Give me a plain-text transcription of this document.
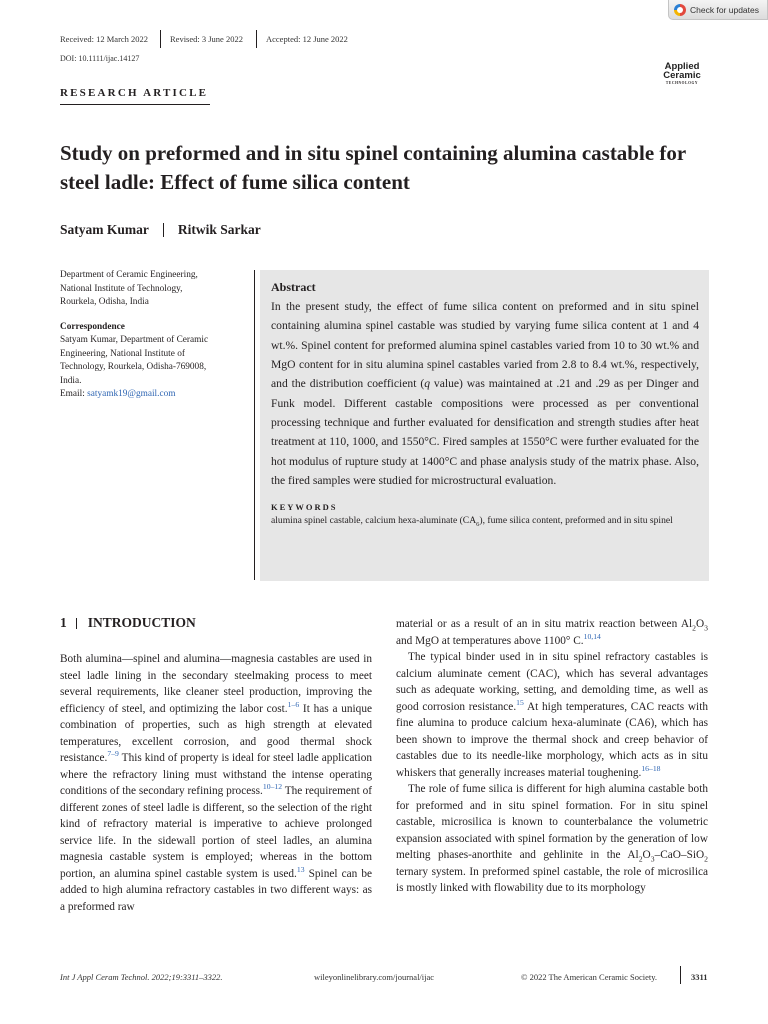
Check for updates
Received: 12 March 2022	Revised: 3 June 2022	Accepted: 12 June 2022
DOI: 10.1111/ijac.14127
RESEARCH ARTICLE
Applied
Ceramic
TECHNOLOGY
Study on preformed and in situ spinel containing alumina castable for steel ladle: Effect of fume silica content
Satyam Kumar Ritwik Sarkar
Department of Ceramic Engineering,
National Institute of Technology,
Rourkela, Odisha, India
Correspondence
Satyam Kumar, Department of Ceramic
Engineering, National Institute of
Technology, Rourkela, Odisha-769008,
India.
Email: satyamk19@gmail.com
Abstract

In the present study, the effect of fume silica content on preformed and in situ spinel containing alumina spinel castable was studied by varying fume silica content at 1 and 4 wt.%. Spinel content for preformed alumina spinel castables varied from 10 to 30 wt.% and MgO content for in situ alumina spinel castables varied from 2.8 to 8.4 wt.%, respectively, and the distribution coefficient (q value) was maintained at .21 and .29 as per Dinger and Funk model. Different castable compositions were processed as per conventional processing technique and further evaluated for densification and strength studies after heat treatment at 110, 1000, and 1550°C. Fired samples at 1550°C were further evaluated for the hot modulus of rupture study at 1400°C and phase analysis study of the matrix phase. Also, the fired samples were studied for microstructural evaluation.

KEYWORDS
alumina spinel castable, calcium hexa-aluminate $(CA_6)$, fume silica content, preformed and in situ spinel
1 INTRODUCTION

Both alumina—spinel and alumina—magnesia castables are used in steel ladle lining in the secondary steelmaking process to meet several requirements, like cleaner steel production, improving the efficiency of steel, and optimizing the labor cost.$^{1-6}$ It has a unique combination of properties, such as high strength at elevated temperatures, excellent corrosion, and good thermal shock resistance.$^{7-9}$ This kind of property is ideal for steel ladle application where the refractory lining must withstand the intense operating conditions of the secondary refining process.$^{10-12}$ The requirement of different zones of steel ladle is different, so the selection of the right kind of refractory material is imperative to achieve prolonged service life. In the sidewall portion of steel ladles, an alumina magnesia castable system is employed; whereas in the bottom portion, an alumina spinel castable system is used.$^{13}$ Spinel can be added to high alumina refractory castables in two different ways: as a preformed raw

material or as a result of an in situ matrix reaction between $Al_2O_3$ and MgO at temperatures above 1100° C.$^{10,14}$

The typical binder used in in situ spinel refractory castables is calcium aluminate cement (CAC), which has several advantages such as adequate working, setting, and demolding time, as well as good corrosion resistance.$^{15}$ At high temperatures, CAC reacts with fine alumina to produce calcium hexa-aluminate (CA6), which has been shown to improve the thermal shock and creep behavior of castables due to its needle-like morphology, which acts as in situ whiskers that generally increases material toughening.$^{16-18}$

The role of fume silica is different for high alumina castable both for preformed and in situ spinel formation. For in situ spinel castable, microsilica is known to counterbalance the volumetric expansion associated with spinel formation by the generation of low melting phases-anorthite and gehlinite in the $Al_2O_3-CaO-SiO_2$ ternary system. In preformed spinel castable, the role of microsilica is mostly linked with flowability due to its morphology

Int J Appl Ceram Technol. 2022;19:3311–3322.	wileyonlinelibrary.com/journal/ijac	© 2022 The American Ceramic Society.	3311
